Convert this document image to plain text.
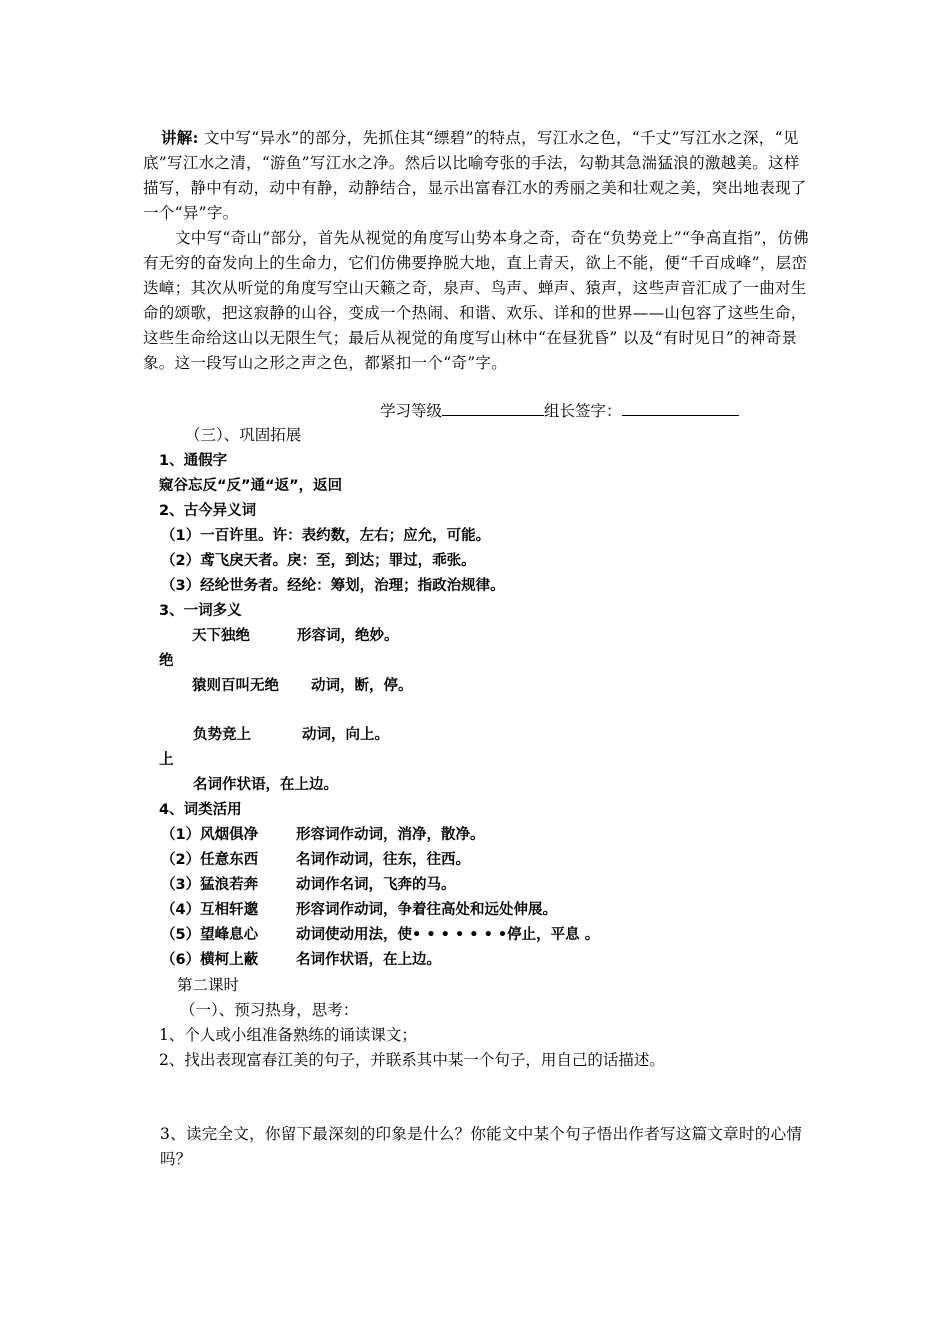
讲解: 文中写“异水”的部分，先抓住其“缥碧”的特点，写江水之色，“千丈”写江水之深，“见底”写江水之清，“游鱼”写江水之净。然后以比喻夸张的手法，勾勒其急湍猛浪的激越美。这样描写，静中有动，动中有静，动静结合，显示出富春江水的秀丽之美和壮观之美，突出地表现了一个“异”字。
文中写“奇山”部分，首先从视觉的角度写山势本身之奇，奇在“负势竞上”“争高直指”，仿佛有无穷的奋发向上的生命力，它们仿佛要挣脱大地，直上青天，欲上不能，便“千百成峰”，层峦迭嶂；其次从听觉的角度写空山天籁之奇，泉声、鸟声、蝉声、猿声，这些声音汇成了一曲对生命的颂歌，把这寂静的山谷，变成一个热闹、和谐、欢乐、详和的世界——山包容了这些生命，这些生命给这山以无限生气；最后从视觉的角度写山林中“在昼犹昏” 以及“有时见日”的神奇景象。这一段写山之形之声之色，都紧扣一个“奇”字。
学习等级	组长签字：
（三）、巩固拓展
1、通假字
窥谷忘反“反”通“返”，返回
2、古今异义词
（1）一百许里。许：表约数，左右；应允，可能。
（2）鸢飞戾天者。戾：至，到达；罪过，乖张。
（3）经纶世务者。经纶：筹划，治理；指政治规律。
3、一词多义
天下独绝	形容词，绝妙。
绝
猿则百叫无绝 动词，断，停。
负势竞上	动词，向上。
上
名词作状语，在上边。
4、词类活用
（1）风烟俱净	形容词作动词，消净，散净。
（2）任意东西	名词作动词，往东，往西。
（3）猛浪若奔	动词作名词，飞奔的马。
（4）互相轩邈	形容词作动词，争着往高处和远处伸展。
（5）望峰息心	动词使动用法，使• • • • • • •停止，平息 。
（6）横柯上蔽	名词作状语，在上边。
第二课时
（一）、预习热身，思考：
1、个人或小组准备熟练的诵读课文；
2、找出表现富春江美的句子，并联系其中某一个句子，用自己的话描述。
3、读完全文，你留下最深刻的印象是什么？你能文中某个句子悟出作者写这篇文章时的心情吗？
